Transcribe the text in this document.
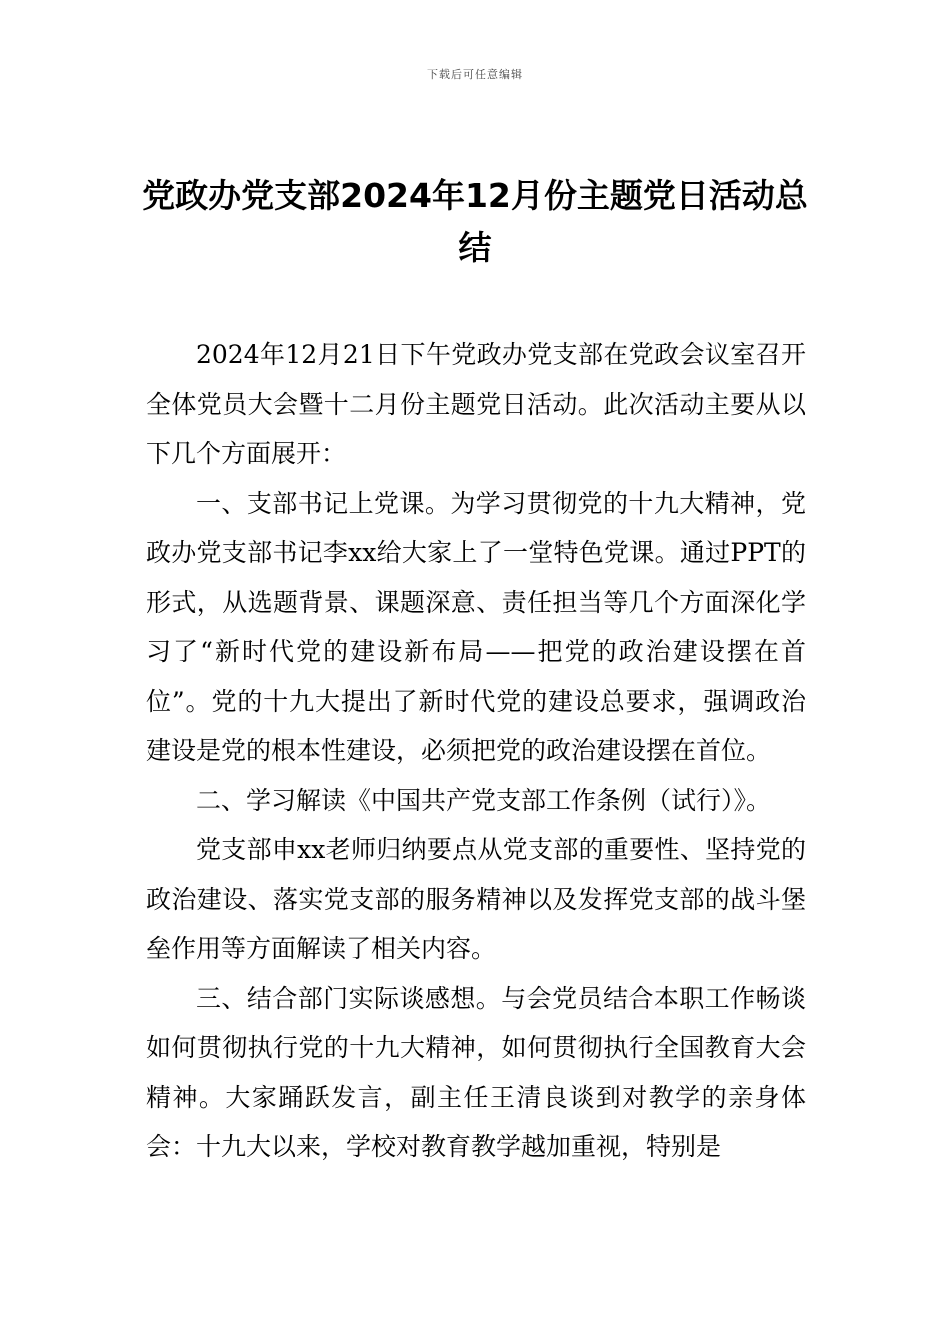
下载后可任意编辑
党政办党支部2024年12月份主题党日活动总结

2024年12月21日下午党政办党支部在党政会议室召开全体党员大会暨十二月份主题党日活动。此次活动主要从以下几个方面展开：

一、支部书记上党课。为学习贯彻党的十九大精神，党政办党支部书记李xx给大家上了一堂特色党课。通过PPT的形式，从选题背景、课题深意、责任担当等几个方面深化学习了“新时代党的建设新布局——把党的政治建设摆在首位”。党的十九大提出了新时代党的建设总要求，强调政治建设是党的根本性建设，必须把党的政治建设摆在首位。

二、学习解读《中国共产党支部工作条例（试行）》。

党支部申xx老师归纳要点从党支部的重要性、坚持党的政治建设、落实党支部的服务精神以及发挥党支部的战斗堡垒作用等方面解读了相关内容。

三、结合部门实际谈感想。与会党员结合本职工作畅谈如何贯彻执行党的十九大精神，如何贯彻执行全国教育大会精神。大家踊跃发言，副主任王清良谈到对教学的亲身体会：十九大以来，学校对教育教学越加重视，特别是
